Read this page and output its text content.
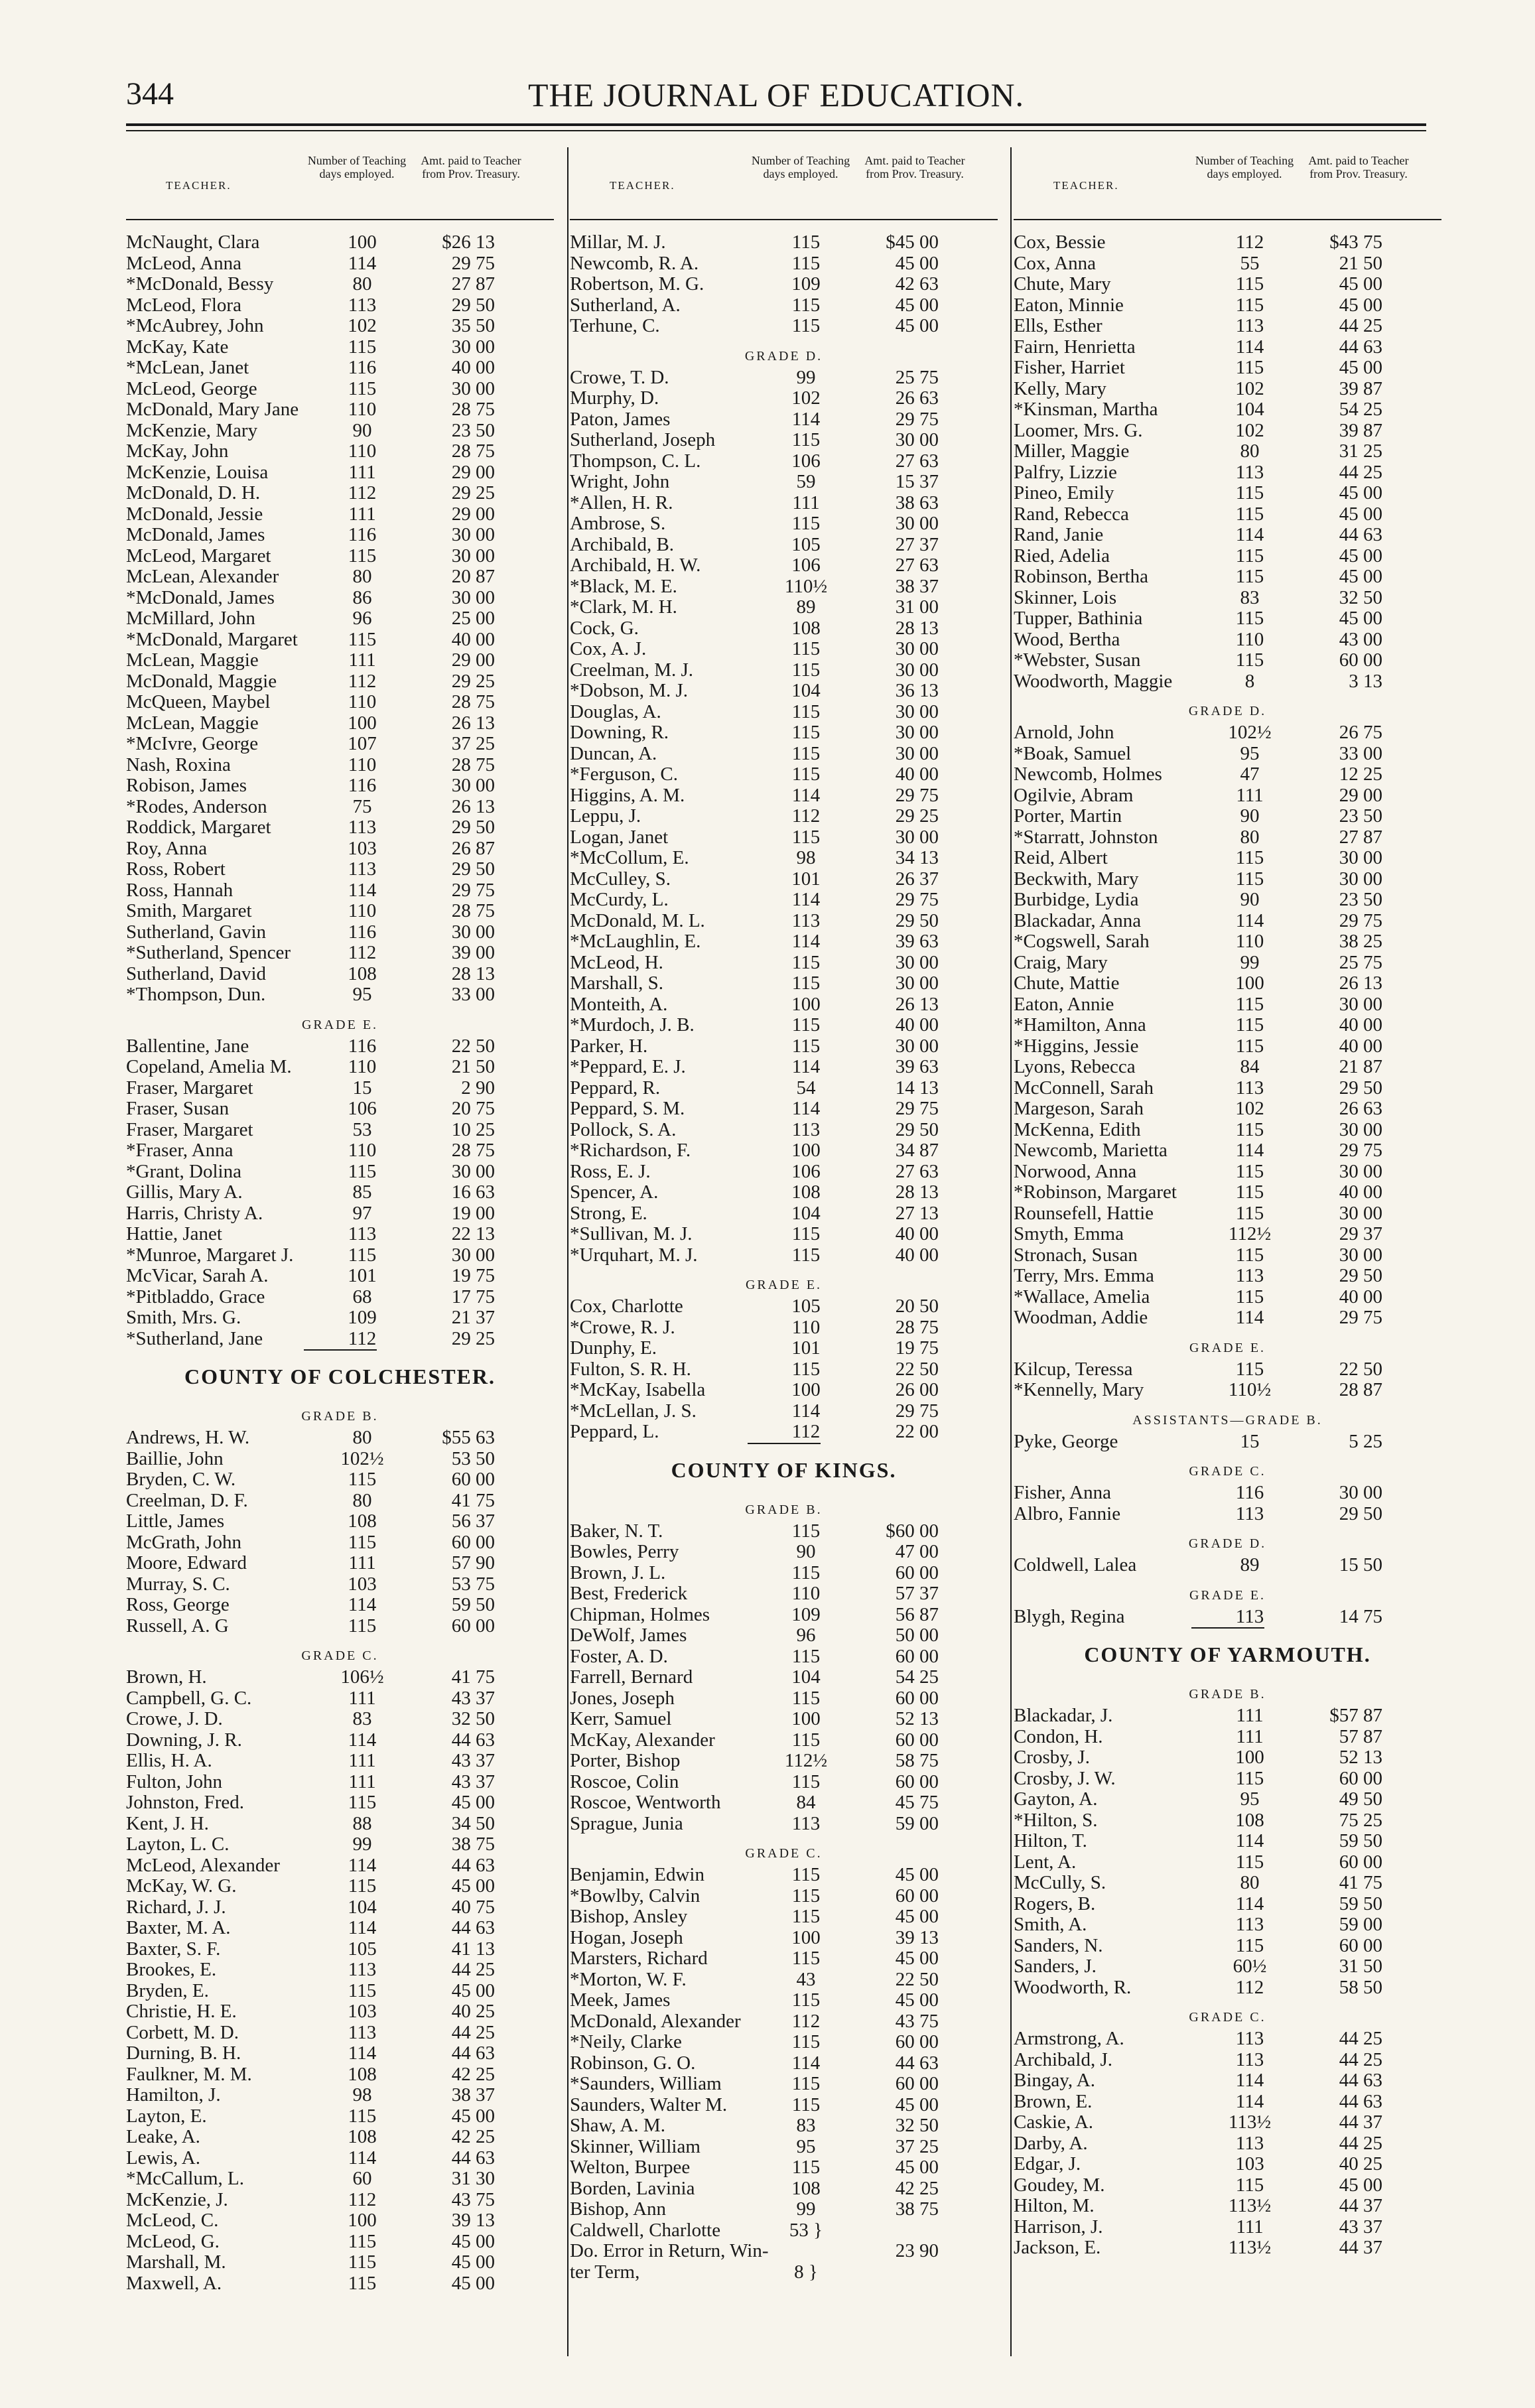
344	THE JOURNAL OF EDUCATION.
TEACHER.
Number of Teaching days employed.
Amt. paid to Teacher from Prov. Treasury.
McNaught, Clara	100	$26 13
McLeod, Anna	114	29 75
*McDonald, Bessy	80	27 87
McLeod, Flora	113	29 50
*McAubrey, John	102	35 50
McKay, Kate	115	30 00
*McLean, Janet	116	40 00
McLeod, George	115	30 00
McDonald, Mary Jane	110	28 75
McKenzie, Mary	90	23 50
McKay, John	110	28 75
McKenzie, Louisa	111	29 00
McDonald, D. H.	112	29 25
McDonald, Jessie	111	29 00
McDonald, James	116	30 00
McLeod, Margaret	115	30 00
McLean, Alexander	80	20 87
*McDonald, James	86	30 00
McMillard, John	96	25 00
*McDonald, Margaret	115	40 00
McLean, Maggie	111	29 00
McDonald, Maggie	112	29 25
McQueen, Maybel	110	28 75
McLean, Maggie	100	26 13
*McIvre, George	107	37 25
Nash, Roxina	110	28 75
Robison, James	116	30 00
*Rodes, Anderson	75	26 13
Roddick, Margaret	113	29 50
Roy, Anna	103	26 87
Ross, Robert	113	29 50
Ross, Hannah	114	29 75
Smith, Margaret	110	28 75
Sutherland, Gavin	116	30 00
*Sutherland, Spencer	112	39 00
Sutherland, David	108	28 13
*Thompson, Dun.	95	33 00
GRADE E.
Ballentine, Jane	116	22 50
Copeland, Amelia M.	110	21 50
Fraser, Margaret	15	2 90
Fraser, Susan	106	20 75
Fraser, Margaret	53	10 25
*Fraser, Anna	110	28 75
*Grant, Dolina	115	30 00
Gillis, Mary A.	85	16 63
Harris, Christy A.	97	19 00
Hattie, Janet	113	22 13
*Munroe, Margaret J.	115	30 00
McVicar, Sarah A.	101	19 75
*Pitbladdo, Grace	68	17 75
Smith, Mrs. G.	109	21 37
*Sutherland, Jane	112	29 25
COUNTY OF COLCHESTER.
GRADE B.
Andrews, H. W.	80	$55 63
Baillie, John	102½	53 50
Bryden, C. W.	115	60 00
Creelman, D. F.	80	41 75
Little, James	108	56 37
McGrath, John	115	60 00
Moore, Edward	111	57 90
Murray, S. C.	103	53 75
Ross, George	114	59 50
Russell, A. G	115	60 00
GRADE C.
Brown, H.	106½	41 75
Campbell, G. C.	111	43 37
Crowe, J. D.	83	32 50
Downing, J. R.	114	44 63
Ellis, H. A.	111	43 37
Fulton, John	111	43 37
Johnston, Fred.	115	45 00
Kent, J. H.	88	34 50
Layton, L. C.	99	38 75
McLeod, Alexander	114	44 63
McKay, W. G.	115	45 00
Richard, J. J.	104	40 75
Baxter, M. A.	114	44 63
Baxter, S. F.	105	41 13
Brookes, E.	113	44 25
Bryden, E.	115	45 00
Christie, H. E.	103	40 25
Corbett, M. D.	113	44 25
Durning, B. H.	114	44 63
Faulkner, M. M.	108	42 25
Hamilton, J.	98	38 37
Layton, E.	115	45 00
Leake, A.	108	42 25
Lewis, A.	114	44 63
*McCallum, L.	60	31 30
McKenzie, J.	112	43 75
McLeod, C.	100	39 13
McLeod, G.	115	45 00
Marshall, M.	115	45 00
Maxwell, A.	115	45 00
TEACHER.
Number of Teaching days employed.
Amt. paid to Teacher from Prov. Treasury.
Millar, M. J.	115	$45 00
Newcomb, R. A.	115	45 00
Robertson, M. G.	109	42 63
Sutherland, A.	115	45 00
Terhune, C.	115	45 00
GRADE D.
Crowe, T. D.	99	25 75
Murphy, D.	102	26 63
Paton, James	114	29 75
Sutherland, Joseph	115	30 00
Thompson, C. L.	106	27 63
Wright, John	59	15 37
*Allen, H. R.	111	38 63
Ambrose, S.	115	30 00
Archibald, B.	105	27 37
Archibald, H. W.	106	27 63
*Black, M. E.	110½	38 37
*Clark, M. H.	89	31 00
Cock, G.	108	28 13
Cox, A. J.	115	30 00
Creelman, M. J.	115	30 00
*Dobson, M. J.	104	36 13
Douglas, A.	115	30 00
Downing, R.	115	30 00
Duncan, A.	115	30 00
*Ferguson, C.	115	40 00
Higgins, A. M.	114	29 75
Leppu, J.	112	29 25
Logan, Janet	115	30 00
*McCollum, E.	98	34 13
McCulley, S.	101	26 37
McCurdy, L.	114	29 75
McDonald, M. L.	113	29 50
*McLaughlin, E.	114	39 63
McLeod, H.	115	30 00
Marshall, S.	115	30 00
Monteith, A.	100	26 13
*Murdoch, J. B.	115	40 00
Parker, H.	115	30 00
*Peppard, E. J.	114	39 63
Peppard, R.	54	14 13
Peppard, S. M.	114	29 75
Pollock, S. A.	113	29 50
*Richardson, F.	100	34 87
Ross, E. J.	106	27 63
Spencer, A.	108	28 13
Strong, E.	104	27 13
*Sullivan, M. J.	115	40 00
*Urquhart, M. J.	115	40 00
GRADE E.
Cox, Charlotte	105	20 50
*Crowe, R. J.	110	28 75
Dunphy, E.	101	19 75
Fulton, S. R. H.	115	22 50
*McKay, Isabella	100	26 00
*McLellan, J. S.	114	29 75
Peppard, L.	112	22 00
COUNTY OF KINGS.
GRADE B.
Baker, N. T.	115	$60 00
Bowles, Perry	90	47 00
Brown, J. L.	115	60 00
Best, Frederick	110	57 37
Chipman, Holmes	109	56 87
DeWolf, James	96	50 00
Foster, A. D.	115	60 00
Farrell, Bernard	104	54 25
Jones, Joseph	115	60 00
Kerr, Samuel	100	52 13
McKay, Alexander	115	60 00
Porter, Bishop	112½	58 75
Roscoe, Colin	115	60 00
Roscoe, Wentworth	84	45 75
Sprague, Junia	113	59 00
GRADE C.
Benjamin, Edwin	115	45 00
*Bowlby, Calvin	115	60 00
Bishop, Ansley	115	45 00
Hogan, Joseph	100	39 13
Marsters, Richard	115	45 00
*Morton, W. F.	43	22 50
Meek, James	115	45 00
McDonald, Alexander	112	43 75
*Neily, Clarke	115	60 00
Robinson, G. O.	114	44 63
*Saunders, William	115	60 00
Saunders, Walter M.	115	45 00
Shaw, A. M.	83	32 50
Skinner, William	95	37 25
Welton, Burpee	115	45 00
Borden, Lavinia	108	42 25
Bishop, Ann	99	38 75
Caldwell, Charlotte	53 }
Do. Error in Return, Win-	23 90
ter Term,	8 }
TEACHER.
Number of Teaching days employed.
Amt. paid to Teacher from Prov. Treasury.
Cox, Bessie	112	$43 75
Cox, Anna	55	21 50
Chute, Mary	115	45 00
Eaton, Minnie	115	45 00
Ells, Esther	113	44 25
Fairn, Henrietta	114	44 63
Fisher, Harriet	115	45 00
Kelly, Mary	102	39 87
*Kinsman, Martha	104	54 25
Loomer, Mrs. G.	102	39 87
Miller, Maggie	80	31 25
Palfry, Lizzie	113	44 25
Pineo, Emily	115	45 00
Rand, Rebecca	115	45 00
Rand, Janie	114	44 63
Ried, Adelia	115	45 00
Robinson, Bertha	115	45 00
Skinner, Lois	83	32 50
Tupper, Bathinia	115	45 00
Wood, Bertha	110	43 00
*Webster, Susan	115	60 00
Woodworth, Maggie	8	3 13
GRADE D.
Arnold, John	102½	26 75
*Boak, Samuel	95	33 00
Newcomb, Holmes	47	12 25
Ogilvie, Abram	111	29 00
Porter, Martin	90	23 50
*Starratt, Johnston	80	27 87
Reid, Albert	115	30 00
Beckwith, Mary	115	30 00
Burbidge, Lydia	90	23 50
Blackadar, Anna	114	29 75
*Cogswell, Sarah	110	38 25
Craig, Mary	99	25 75
Chute, Mattie	100	26 13
Eaton, Annie	115	30 00
*Hamilton, Anna	115	40 00
*Higgins, Jessie	115	40 00
Lyons, Rebecca	84	21 87
McConnell, Sarah	113	29 50
Margeson, Sarah	102	26 63
McKenna, Edith	115	30 00
Newcomb, Marietta	114	29 75
Norwood, Anna	115	30 00
*Robinson, Margaret	115	40 00
Rounsefell, Hattie	115	30 00
Smyth, Emma	112½	29 37
Stronach, Susan	115	30 00
Terry, Mrs. Emma	113	29 50
*Wallace, Amelia	115	40 00
Woodman, Addie	114	29 75
GRADE E.
Kilcup, Teressa	115	22 50
*Kennelly, Mary	110½	28 87
ASSISTANTS—GRADE B.
Pyke, George	15	5 25
GRADE C.
Fisher, Anna	116	30 00
Albro, Fannie	113	29 50
GRADE D.
Coldwell, Lalea	89	15 50
GRADE E.
Blygh, Regina	113	14 75
COUNTY OF YARMOUTH.
GRADE B.
Blackadar, J.	111	$57 87
Condon, H.	111	57 87
Crosby, J.	100	52 13
Crosby, J. W.	115	60 00
Gayton, A.	95	49 50
*Hilton, S.	108	75 25
Hilton, T.	114	59 50
Lent, A.	115	60 00
McCully, S.	80	41 75
Rogers, B.	114	59 50
Smith, A.	113	59 00
Sanders, N.	115	60 00
Sanders, J.	60½	31 50
Woodworth, R.	112	58 50
GRADE C.
Armstrong, A.	113	44 25
Archibald, J.	113	44 25
Bingay, A.	114	44 63
Brown, E.	114	44 63
Caskie, A.	113½	44 37
Darby, A.	113	44 25
Edgar, J.	103	40 25
Goudey, M.	115	45 00
Hilton, M.	113½	44 37
Harrison, J.	111	43 37
Jackson, E.	113½	44 37
